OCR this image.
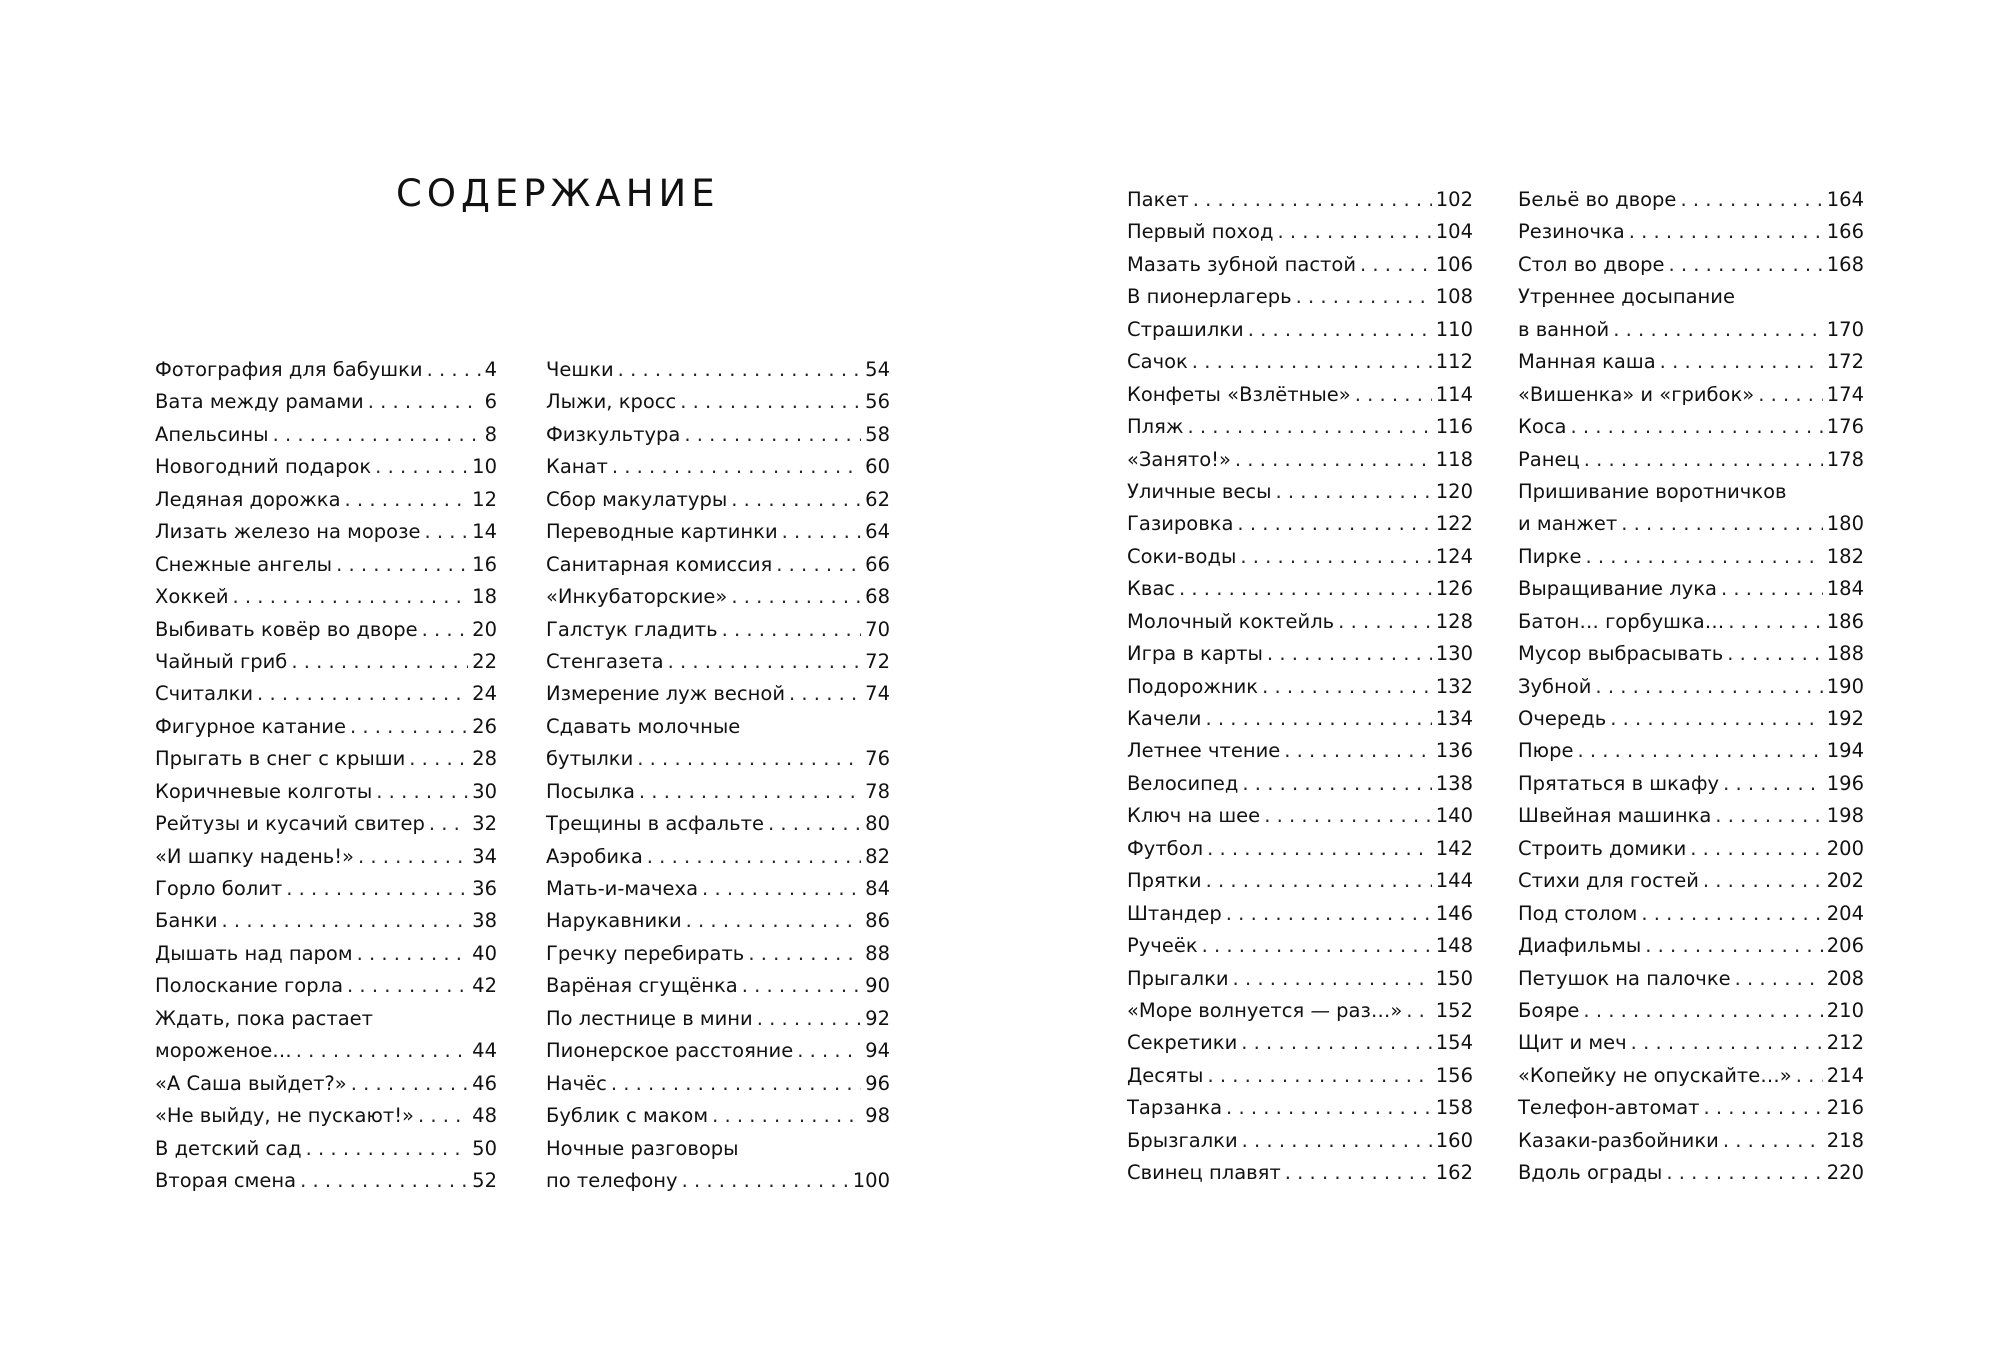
СОДЕРЖАНИЕ
Фотография для бабушки . . .	4
Вата между рамами . . .	6
Апельсины . . .	8
Новогодний подарок . . .	10
Ледяная дорожка . . .	12
Лизать железо на морозе . . .	14
Снежные ангелы . . .	16
Хоккей . . .	18
Выбивать ковёр во дворе . . .	20
Чайный гриб . . .	22
Считалки . . .	24
Фигурное катание . . .	26
Прыгать в снег с крыши . . .	28
Коричневые колготы . . .	30
Рейтузы и кусачий свитер . . . 32
«И шапку надень!» . . .	34
Горло болит . . .	36
Банки . . .	38
Дышать над паром . . .	40
Полоскание горла . . .	42
Ждать, пока растает
мороженое… . . .	44
«А Саша выйдет?» . . .	46
«Не выйду, не пускают!» . . .	48
В детский сад . . .	50
Вторая смена . . .	52
Чешки . . .	54
Лыжи, кросс . . .	56
Физкультура . . .	58
Канат . . .	60
Сбор макулатуры . . .	62
Переводные картинки . . .	64
Санитарная комиссия . . .	66
«Инкубаторские» . . .	68
Галстук гладить . . .	70
Стенгазета . . .	72
Измерение луж весной . . .	74
Сдавать молочные
бутылки . . .	76
Посылка . . .	78
Трещины в асфальте . . .	80
Аэробика . . .	82
Мать-и-мачеха . . .	84
Нарукавники . . .	86
Гречку перебирать . . .	88
Варёная сгущёнка . . .	90
По лестнице в мини . . .	92
Пионерское расстояние . . .	94
Начёс . . .	96
Бублик с маком . . .	98
Ночные разговоры
по телефону . . .	100
Пакет . . .	102
Первый поход . . .	104
Мазать зубной пастой . . .	106
В пионерлагерь . . .	108
Страшилки . . .	110
Сачок . . .	112
Конфеты «Взлётные» . . .	114
Пляж . . .	116
«Занято!» . . .	118
Уличные весы . . .	120
Газировка . . .	122
Соки-воды . . .	124
Квас . . .	126
Молочный коктейль . . .	128
Игра в карты . . .	130
Подорожник . . .	132
Качели . . .	134
Летнее чтение . . .	136
Велосипед . . .	138
Ключ на шее . . .	140
Футбол . . .	142
Прятки . . .	144
Штандер . . .	146
Ручеёк . . .	148
Прыгалки . . .	150
«Море волнуется — раз…» . . . 152
Секретики . . .	154
Десяты . . .	156
Тарзанка . . .	158
Брызгалки . . .	160
Свинец плавят . . .	162
Бельё во дворе . . .	164
Резиночка . . .	166
Стол во дворе . . .	168
Утреннее досыпание
в ванной . . .	170
Манная каша . . .	172
«Вишенка» и «грибок» . . .	174
Коса . . .	176
Ранец . . .	178
Пришивание воротничков
и манжет . . .	180
Пирке . . .	182
Выращивание лука . . .	184
Батон… горбушка… . . .	186
Мусор выбрасывать . . .	188
Зубной . . .	190
Очередь . . .	192
Пюре . . .	194
Прятаться в шкафу . . .	196
Швейная машинка . . .	198
Строить домики . . .	200
Стихи для гостей . . .	202
Под столом . . .	204
Диафильмы . . .	206
Петушок на палочке . . .	208
Бояре . . .	210
Щит и меч . . .	212
«Копейку не опускайте…» . . . 214
Телефон-автомат . . .	216
Казаки-разбойники . . .	218
Вдоль ограды . . .	220
